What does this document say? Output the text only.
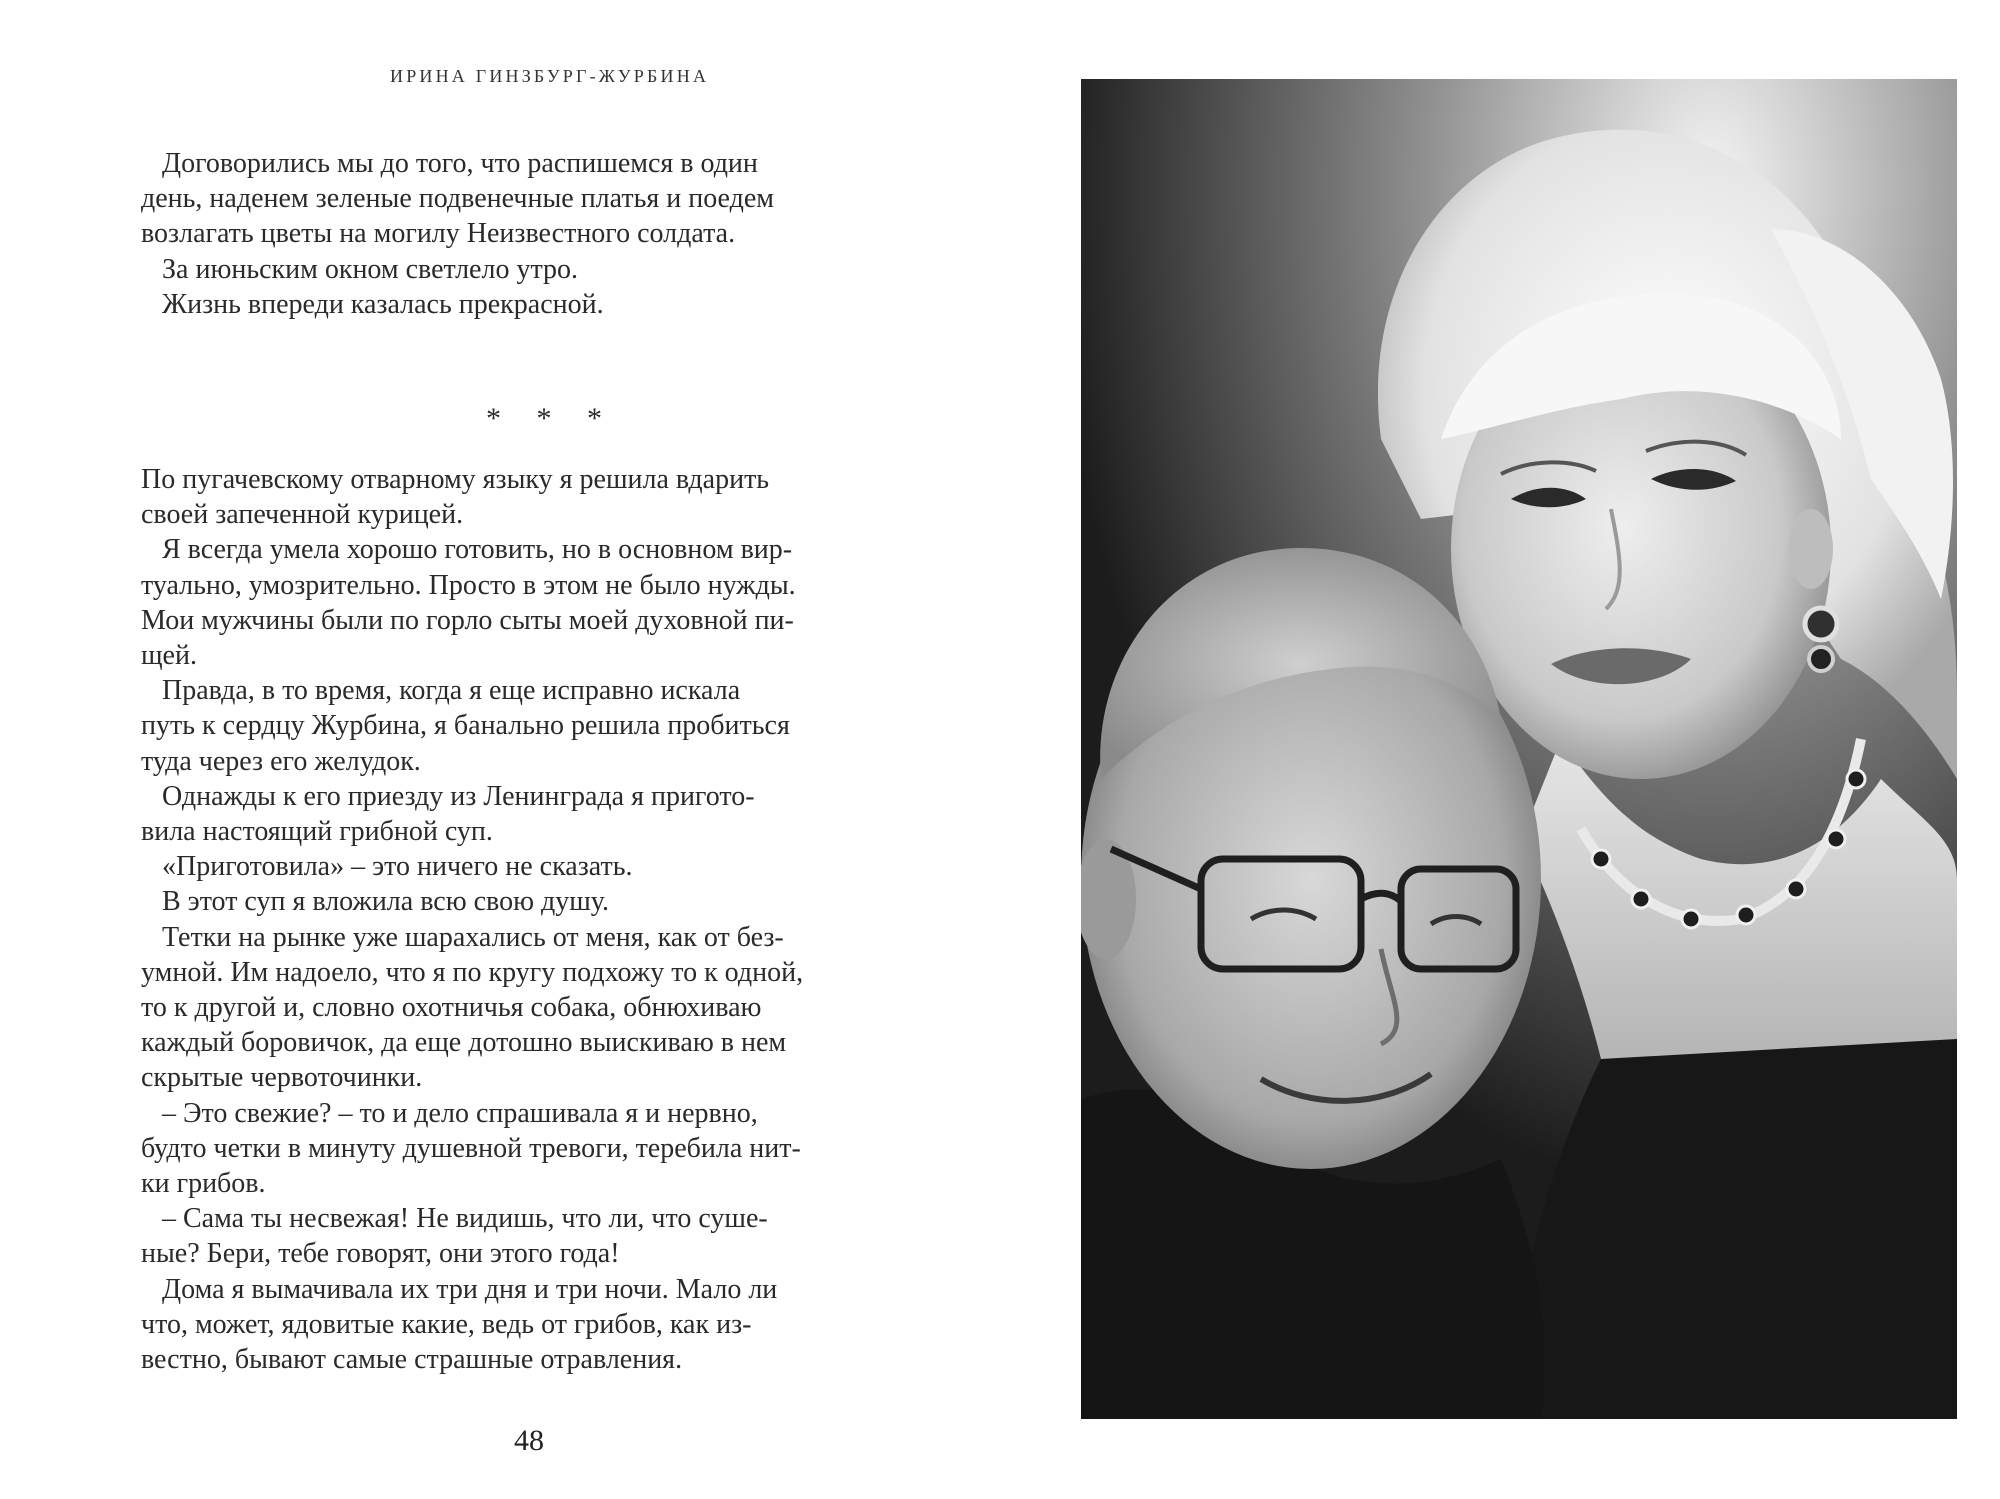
ИРИНА ГИНЗБУРГ-ЖУРБИНА
Договорились мы до того, что распишемся в один
день, наденем зеленые подвенечные платья и поедем
возлагать цветы на могилу Неизвестного солдата.
За июньским окном светлело утро.
Жизнь впереди казалась прекрасной.
* * *
По пугачевскому отварному языку я решила вдарить
своей запеченной курицей.
Я всегда умела хорошо готовить, но в основном вир-
туально, умозрительно. Просто в этом не было нужды.
Мои мужчины были по горло сыты моей духовной пи-
щей.
Правда, в то время, когда я еще исправно искала
путь к сердцу Журбина, я банально решила пробиться
туда через его желудок.
Однажды к его приезду из Ленинграда я пригото-
вила настоящий грибной суп.
«Приготовила» – это ничего не сказать.
В этот суп я вложила всю свою душу.
Тетки на рынке уже шарахались от меня, как от без-
умной. Им надоело, что я по кругу подхожу то к одной,
то к другой и, словно охотничья собака, обнюхиваю
каждый боровичок, да еще дотошно выискиваю в нем
скрытые червоточинки.
– Это свежие? – то и дело спрашивала я и нервно,
будто четки в минуту душевной тревоги, теребила нит-
ки грибов.
– Сама ты несвежая! Не видишь, что ли, что суше-
ные? Бери, тебе говорят, они этого года!
Дома я вымачивала их три дня и три ночи. Мало ли
что, может, ядовитые какие, ведь от грибов, как из-
вестно, бывают самые страшные отравления.
48
